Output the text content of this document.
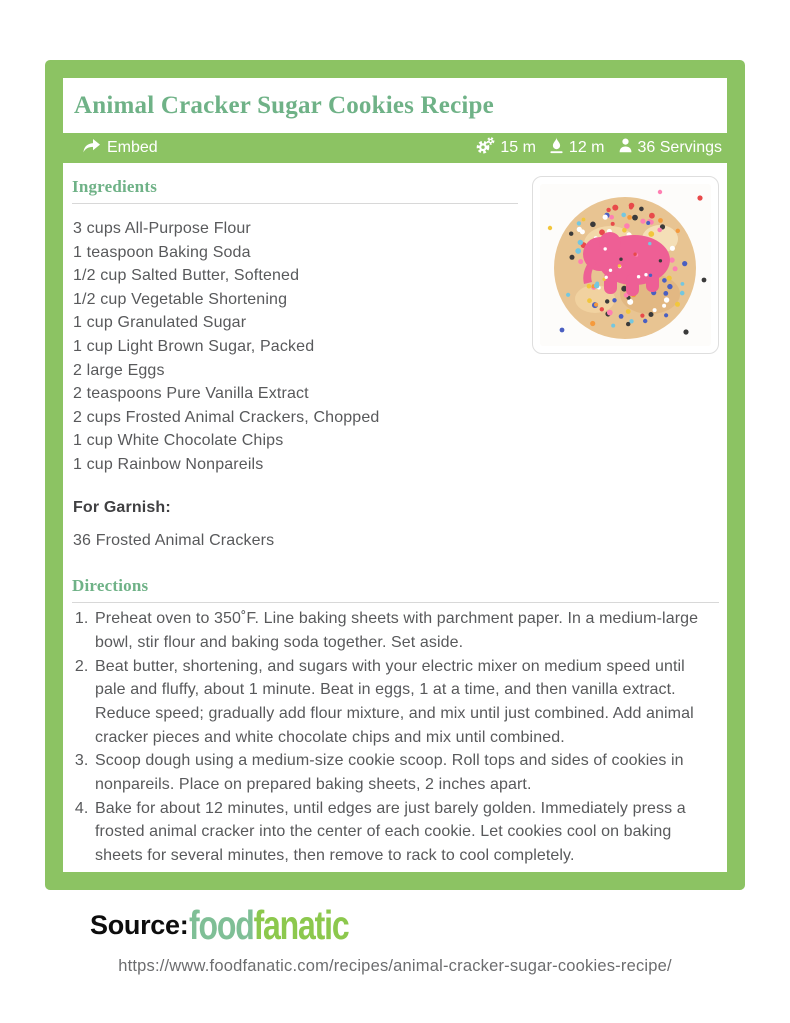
Animal Cracker Sugar Cookies Recipe
Embed	15 m 12 m 36 Servings
Ingredients
3 cups All-Purpose Flour
1 teaspoon Baking Soda
1/2 cup Salted Butter, Softened
1/2 cup Vegetable Shortening
1 cup Granulated Sugar
1 cup Light Brown Sugar, Packed
2 large Eggs
2 teaspoons Pure Vanilla Extract
2 cups Frosted Animal Crackers, Chopped
1 cup White Chocolate Chips
1 cup Rainbow Nonpareils

For Garnish:

36 Frosted Animal Crackers
Directions
1. Preheat oven to 350˚F. Line baking sheets with parchment paper. In a medium-large bowl, stir flour and baking soda together. Set aside.
2. Beat butter, shortening, and sugars with your electric mixer on medium speed until pale and fluffy, about 1 minute. Beat in eggs, 1 at a time, and then vanilla extract. Reduce speed; gradually add flour mixture, and mix until just combined. Add animal cracker pieces and white chocolate chips and mix until combined.
3. Scoop dough using a medium-size cookie scoop. Roll tops and sides of cookies in nonpareils. Place on prepared baking sheets, 2 inches apart.
4. Bake for about 12 minutes, until edges are just barely golden. Immediately press a frosted animal cracker into the center of each cookie. Let cookies cool on baking sheets for several minutes, then remove to rack to cool completely.
Source: foodfanatic
https://www.foodfanatic.com/recipes/animal-cracker-sugar-cookies-recipe/
